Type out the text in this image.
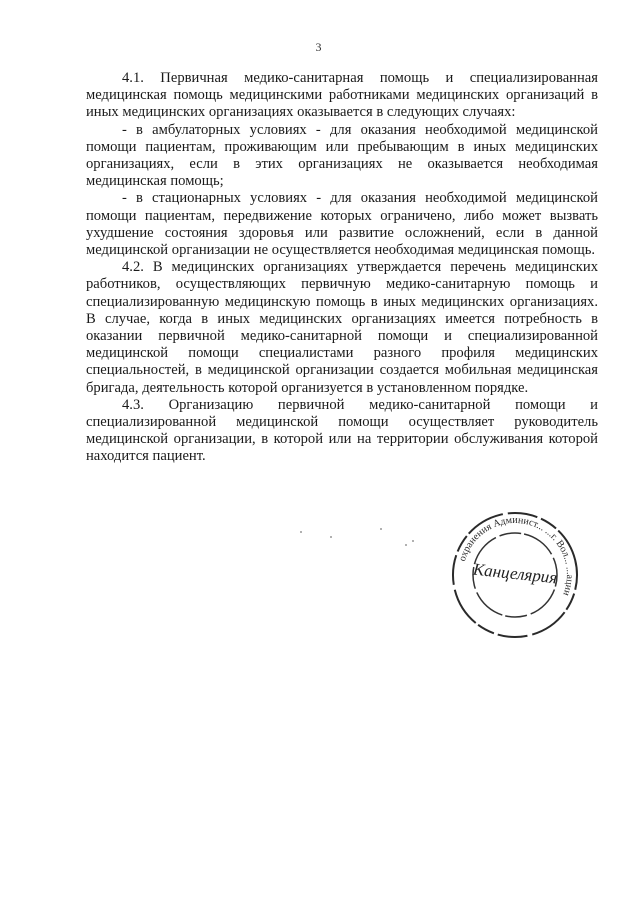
3

4.1. Первичная медико-санитарная помощь и специализированная медицинская помощь медицинскими работниками медицинских организаций в иных медицинских организациях оказывается в следующих случаях:

- в амбулаторных условиях - для оказания необходимой медицинской помощи пациентам, проживающим или пребывающим в иных медицинских организациях, если в этих организациях не оказывается необходимая медицинская помощь;

- в стационарных условиях - для оказания необходимой медицинской помощи пациентам, передвижение которых ограничено, либо может вызвать ухудшение состояния здоровья или развитие осложнений, если в данной медицинской организации не осуществляется необходимая медицинская помощь.

4.2. В медицинских организациях утверждается перечень медицинских работников, осуществляющих первичную медико-санитарную помощь и специализированную медицинскую помощь в иных медицинских организациях. В случае, когда в иных медицинских организациях имеется потребность в оказании первичной медико-санитарной помощи и специализированной медицинской помощи специалистами разного профиля медицинских специальностей, в медицинской организации создается мобильная медицинская бригада, деятельность которой организуется в установленном порядке.

4.3. Организацию первичной медико-санитарной помощи и специализированной медицинской помощи осуществляет руководитель медицинской организации, в которой или на территории обслуживания которой находится пациент.

охранения Админист... ...г. Вол... ...ации
Канцелярия
